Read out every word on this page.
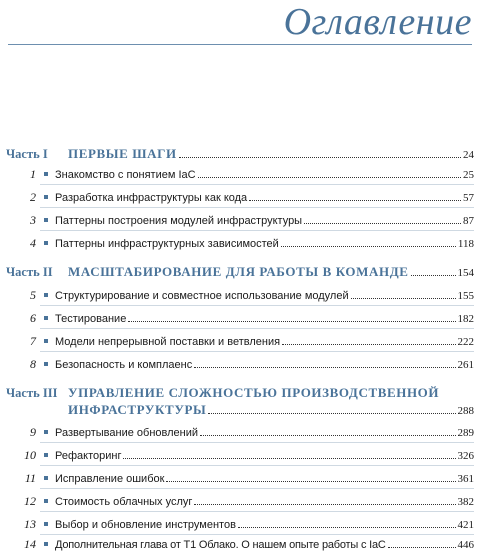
Оглавление
Часть I	ПЕРВЫЕ ШАГИ	24
1 Знакомство с понятием IaC	25
2 Разработка инфраструктуры как кода	57
3 Паттерны построения модулей инфраструктуры	87
4 Паттерны инфраструктурных зависимостей	118
Часть II	МАСШТАБИРОВАНИЕ ДЛЯ РАБОТЫ В КОМАНДЕ	154
5 Структурирование и совместное использование модулей	155
6 Тестирование	182
7 Модели непрерывной поставки и ветвления	222
8 Безопасность и комплаенс	261
Часть III УПРАВЛЕНИЕ СЛОЖНОСТЬЮ ПРОИЗВОДСТВЕННОЙ
ИНФРАСТРУКТУРЫ	288
9 Развертывание обновлений	289
10 Рефакторинг	326
11 Исправление ошибок	361
12 Стоимость облачных услуг	382
13 Выбор и обновление инструментов	421
14 Дополнительная глава от Т1 Облако. О нашем опыте работы с IaC	446
